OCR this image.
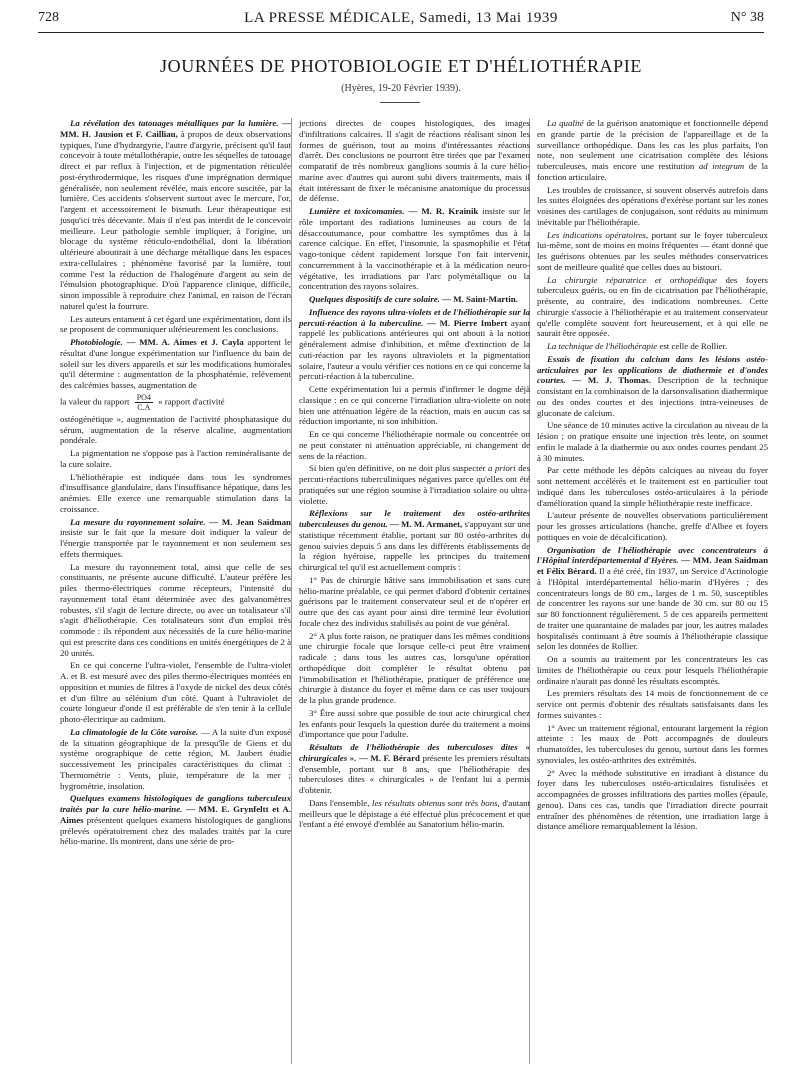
728	LA PRESSE MÉDICALE, Samedi, 13 Mai 1939	N° 38
JOURNÉES DE PHOTOBIOLOGIE ET D'HÉLIOTHÉRAPIE
(Hyères, 19-20 Février 1939).

La révélation des tatouages métalliques par la lumière. — MM. H. Jausion et F. Cailliau, à propos de deux observations typiques, l'une d'hydrargyrie, l'autre d'argyrie, précisent qu'il faut concevoir à toute métallothérapie, outre les séquelles de tatouage direct et par reflux à l'injection, et de pigmentation réticulée post-érythrodermique, les risques d'une imprégnation dermique généralisée, non seulement révélée, mais encore suscitée, par la lumière. Ces accidents s'observent surtout avec le mercure, l'or, l'argent et accessoirement le bismuth. Leur thérapeutique est jusqu'ici très décevante. Mais il n'est pas interdit de le concevoir meilleure. Leur pathologie semble impliquer, à l'origine, un blocage du système réticulo-endothélial, dont la libération ultérieure aboutirait à une décharge métallique dans les espaces extra-cellulaires ; phénomène favorisé par la lumière, tout comme l'est la réduction de l'halogénure d'argent au sein de l'émulsion photographique. D'où l'apparence clinique, difficile, sinon impossible à reproduire chez l'animal, en raison de l'écran naturel qu'est la fourrure.

Les auteurs entament à cet égard une expérimentation, dont ils se proposent de communiquer ultérieurement les conclusions.

Photobiologie. — MM. A. Aimes et J. Cayla apportent le résultat d'une longue expérimentation sur l'influence du bain de soleil sur les divers appareils et sur les modifications humorales qu'il détermine : augmentation de la phosphatémie, relèvement des calcémies basses, augmentation de

la valeur du rapport $\frac{PO4}{C.A}$ « rapport d'activité

ostéogénétique », augmentation de l'activité phosphatasique du sérum, augmentation de la réserve alcaline, augmentation pondérale.

La pigmentation ne s'oppose pas à l'action reminéralisante de la cure solaire.

L'héliothérapie est indiquée dans tous les syndromes d'insuffisance glandulaire, dans l'insuffisance hépatique, dans les anémies. Elle exerce une remarquable stimulation dans la croissance.

La mesure du rayonnement solaire. — M. Jean Saidman insiste sur le fait que la mesure doit indiquer la valeur de l'énergie transportée par le rayonnement et non seulement ses effets thermiques.

La mesure du rayonnement total, ainsi que celle de ses constituants, ne présente aucune difficulté. L'auteur préfère les piles thermo-électriques comme récepteurs, l'intensité du rayonnement total étant déterminée avec des galvanomètres robustes, s'il s'agit de lecture directe, ou avec un totalisateur s'il s'agit d'héliothérapie. Ces totalisateurs sont d'un emploi très commode : ils répondent aux nécessités de la cure hélio-marine qui est prescrite dans ces conditions en unités énergétiques de 2 à 20 unités.

En ce qui concerne l'ultra-violet, l'ensemble de l'ultra-violet A. et B. est mesuré avec des piles thermo-électriques montées en opposition et munies de filtres à l'oxyde de nickel des deux côtés et d'un filtre au sélénium d'un côté. Quant à l'ultraviolet de courte longueur d'onde il est préférable de s'en tenir à la cellule photo-électrique au cadmium.

La climatologie de la Côte varoise. — A la suite d'un exposé de la situation géographique de la presqu'île de Giens et du système orographique de cette région, M. Jaubert étudie successivement les principales caractéristiques du climat : Thermométrie : Vents, pluie, température de la mer ; hygrométrie, insolation.

Quelques examens histologiques de ganglions tuberculeux traités par la cure hélio-marine. — MM. E. Grynfeltt et A. Aimes présentent quelques examens histologiques de ganglions prélevés opératoirement chez des malades traités par la cure hélio-marine. Ils montrent, dans une série de pro-

jections directes de coupes histologiques, des images d'infiltrations calcaires. Il s'agit de réactions réalisant sinon les formes de guérison, tout au moins d'intéressantes réactions d'arrêt. Des conclusions ne pourront être tirées que par l'examen comparatif de très nombreux ganglions soumis à la cure hélio-marine avec d'autres qui auront subi divers traitements, mais il était intéressant de fixer le mécanisme anatomique du processus de défense.

Lumière et toxicomanies. — M. R. Krainik insiste sur le rôle important des radiations lumineuses au cours de la désaccoutumance, pour combattre les symptômes dus à la carence calcique. En effet, l'insomnie, la spasmophilie et l'état vago-tonique cèdent rapidement lorsque l'on fait intervenir, concurremment à la vaccinothérapie et à la médication neuro-végétative, les irradiations par l'arc polymétallique ou la concentration des rayons solaires.

Quelques dispositifs de cure solaire. — M. Saint-Martin.

Influence des rayons ultra-violets et de l'héliothérapie sur la percuti-réaction à la tuberculine. — M. Pierre Imbert ayant rappelé les publications antérieures qui ont abouti à la notion généralement admise d'inhibition, et même d'extinction de la cuti-réaction par les rayons ultraviolets et la pigmentation solaire, l'auteur a voulu vérifier ces notions en ce qui concerne la percuti-réaction à la tuberculine.

Cette expérimentation lui a permis d'infirmer le dogme déjà classique : en ce qui concerne l'irradiation ultra-violette on note bien une atténuation légère de la réaction, mais en aucun cas sa réduction importante, ni son inhibition.

En ce qui concerne l'héliothérapie normale ou concentrée on ne peut constater ni atténuation appréciable, ni changement de sens de la réaction.

Si bien qu'en définitive, on ne doit plus suspecter a priori des percuti-réactions tuberculiniques négatives parce qu'elles ont été pratiquées sur une région soumise à l'irradiation solaire ou ultra-violette.

Réflexions sur le traitement des ostéo-arthrites tuberculeuses du genou. — M. M. Armanet, s'appuyant sur une statistique récemment établie, portant sur 80 ostéo-arthrites du genou suivies depuis 5 ans dans les différents établissements de la région hyéroise, rappelle les principes du traitement chirurgical tel qu'il est actuellement compris :

1° Pas de chirurgie hâtive sans immobilisation et sans cure hélio-marine préalable, ce qui permet d'abord d'obtenir certaines guérisons par le traitement conservateur seul et de n'opérer en outre que des cas ayant pour ainsi dire terminé leur évolution focale chez des individus stabilisés au point de vue général.

2° A plus forte raison, ne pratiquer dans les mêmes conditions une chirurgie focale que lorsque celle-ci peut être vraiment radicale ; dans tous les autres cas, lorsqu'une opération orthopédique doit compléter le résultat obtenu par l'immobilisation et l'héliothérapie, pratiquer de préférence une chirurgie à distance du foyer et même dans ce cas user toujours de la plus grande prudence.

3° Être aussi sobre que possible de tout acte chirurgical chez les enfants pour lesquels la question durée du traitement a moins d'importance que pour l'adulte.

Résultats de l'héliothérapie des tuberculoses dites « chirurgicales ». — M. F. Bérard présente les premiers résultats d'ensemble, portant sur 8 ans, que l'héliothérapie des tuberculoses dites « chirurgicales » de l'enfant lui a permis d'obtenir.

Dans l'ensemble, les résultats obtenus sont très bons, d'autant meilleurs que le dépistage a été effectué plus précocement et que l'enfant a été envoyé d'emblée au Sanatorium hélio-marin.

La qualité de la guérison anatomique et fonctionnelle dépend en grande partie de la précision de l'appareillage et de la surveillance orthopédique. Dans les cas les plus parfaits, l'on note, non seulement une cicatrisation complète des lésions tuberculeuses, mais encore une restitution ad integrum de la fonction articulaire.

Les troubles de croissance, si souvent observés autrefois dans les suites éloignées des opérations d'exérèse portant sur les zones voisines des cartilages de conjugaison, sont réduits au minimum inévitable par l'héliothérapie.

Les indications opératoires, portant sur le foyer tuberculeux lui-même, sont de moins en moins fréquentes — étant donné que les guérisons obtenues par les seules méthodes conservatrices sont de meilleure qualité que celles dues au bistouri.

La chirurgie réparatrice et orthopédique des foyers tuberculeux guéris, ou en fin de cicatrisation par l'héliothérapie, présente, au contraire, des indications nombreuses. Cette chirurgie s'associe à l'héliothérapie et au traitement conservateur qu'elle complète souvent fort heureusement, et à qui elle ne saurait être opposée.

La technique de l'héliothérapie est celle de Rollier.

Essais de fixation du calcium dans les lésions ostéo-articulaires par les applications de diathermie et d'ondes courtes. — M. J. Thomas. Description de la technique consistant en la combinaison de la darsonvalisation diathermique ou des ondes courtes et des injections intra-veineuses de gluconate de calcium.

Une séance de 10 minutes active la circulation au niveau de la lésion ; on pratique ensuite une injection très lente, on soumet enfin le malade à la diathermie ou aux ondes courtes pendant 25 à 30 minutes.

Par cette méthode les dépôts calciques au niveau du foyer sont nettement accélérés et le traitement est en particulier tout indiqué dans les tuberculoses ostéo-articulaires à la période d'amélioration quand la simple héliothérapie reste inefficace.

L'auteur présente de nouvelles observations particulièrement pour les grosses articulations (hanche, greffe d'Albee et foyers pottiques en voie de décalcification).

Organisation de l'héliothérapie avec concentrateurs à l'Hôpital interdépartemental d'Hyères. — MM. Jean Saidman et Félix Bérard. Il a été créé, fin 1937, un Service d'Actinologie à l'Hôpital interdépartemental hélio-marin d'Hyères ; des concentrateurs longs de 80 cm., larges de 1 m. 50, susceptibles de concentrer les rayons sur une bande de 30 cm. sur 80 ou 15 sur 80 fonctionnent régulièrement. 5 de ces appareils permettent de traiter une quarantaine de malades par jour, les autres malades hospitalisés continuant à être soumis à l'héliothérapie classique selon les données de Rollier.

On a soumis au traitement par les concentrateurs les cas limites de l'héliothérapie ou ceux pour lesquels l'héliothérapie ordinaire n'aurait pas donné les résultats escomptés.

Les premiers résultats des 14 mois de fonctionnement de ce service ont permis d'obtenir des résultats satisfaisants dans les formes suivantes :

1° Avec un traitement régional, entourant largement la région atteinte : les maux de Pott accompagnés de douleurs rhumatoïdes, les tuberculoses du genou, surtout dans les formes synoviales, les ostéo-arthrites des extrémités.

2° Avec la méthode substitutive en irradiant à distance du foyer dans les tuberculoses ostéo-articulaires fistulisées et accompagnées de grosses infiltrations des parties molles (épaule, genou). Dans ces cas, tandis que l'irradiation directe pourrait entraîner des phénomènes de rétention, une irradiation large à distance améliore remarquablement la lésion.
